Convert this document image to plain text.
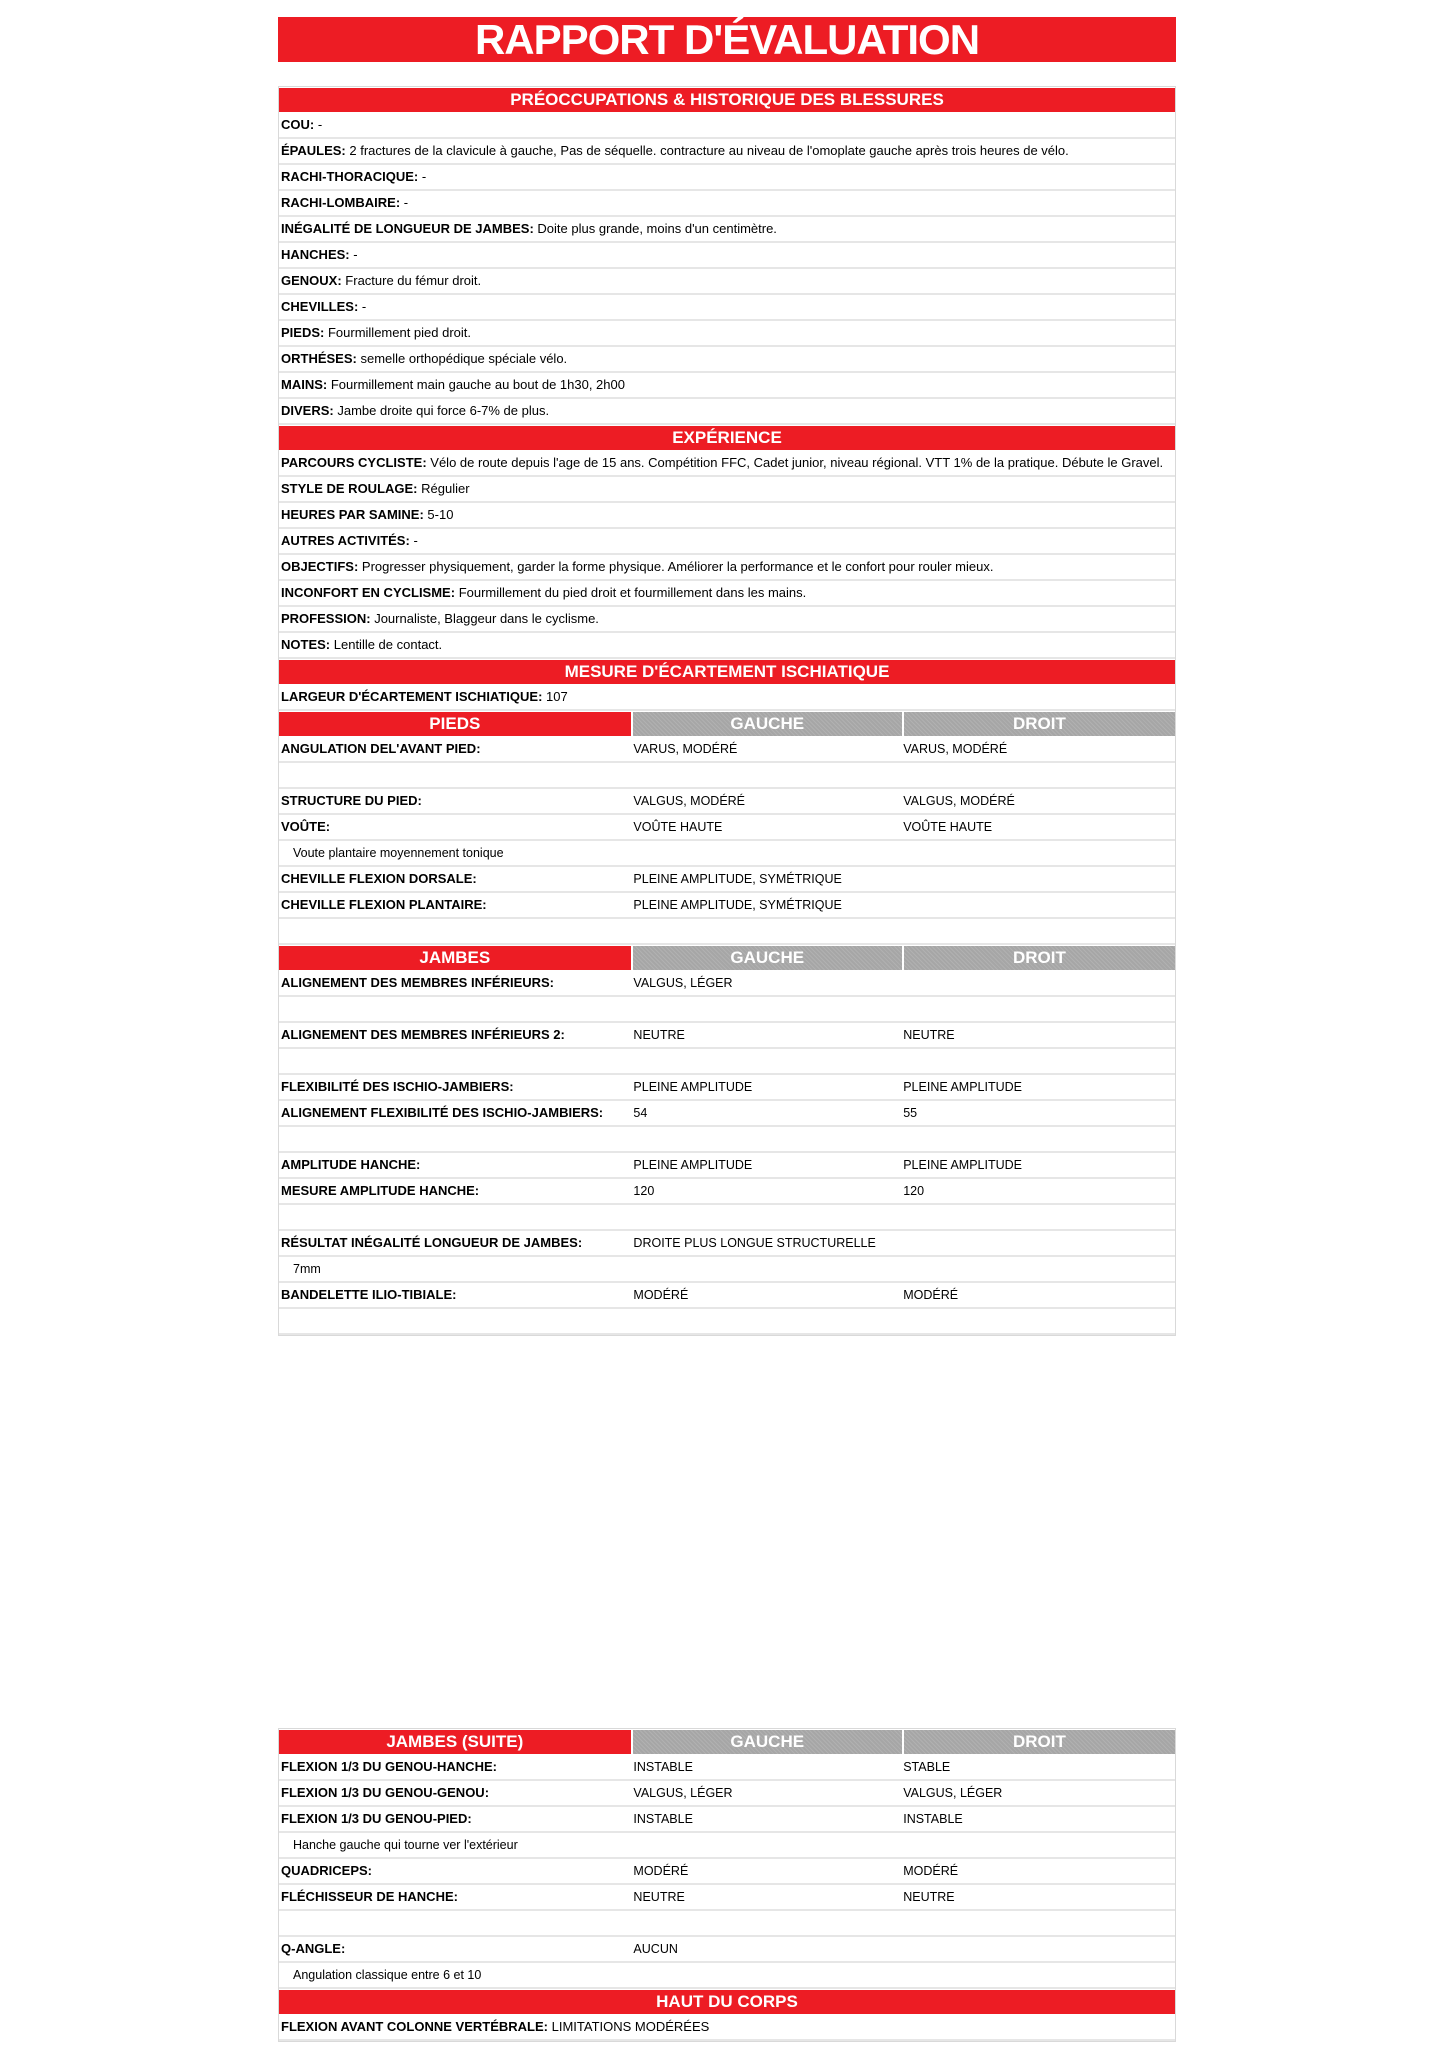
RAPPORT D'ÉVALUATION
PRÉOCCUPATIONS & HISTORIQUE DES BLESSURES
COU: -
ÉPAULES: 2 fractures de la clavicule à gauche, Pas de séquelle. contracture au niveau de l'omoplate gauche après trois heures de vélo.
RACHI-THORACIQUE: -
RACHI-LOMBAIRE: -
INÉGALITÉ DE LONGUEUR DE JAMBES: Doite plus grande, moins d'un centimètre.
HANCHES: -
GENOUX: Fracture du fémur droit.
CHEVILLES: -
PIEDS: Fourmillement pied droit.
ORTHÉSES: semelle orthopédique spéciale vélo.
MAINS: Fourmillement main gauche au bout de 1h30, 2h00
DIVERS: Jambe droite qui force 6-7% de plus.
EXPÉRIENCE
PARCOURS CYCLISTE: Vélo de route depuis l'age de 15 ans. Compétition FFC, Cadet junior, niveau régional. VTT 1% de la pratique. Débute le Gravel.
STYLE DE ROULAGE: Régulier
HEURES PAR SAMINE: 5-10
AUTRES ACTIVITÉS: -
OBJECTIFS: Progresser physiquement, garder la forme physique. Améliorer la performance et le confort pour rouler mieux.
INCONFORT EN CYCLISME: Fourmillement du pied droit et fourmillement dans les mains.
PROFESSION: Journaliste, Blaggeur dans le cyclisme.
NOTES: Lentille de contact.
MESURE D'ÉCARTEMENT ISCHIATIQUE
LARGEUR D'ÉCARTEMENT ISCHIATIQUE: 107
PIEDS	GAUCHE	DROIT
ANGULATION DEL'AVANT PIED:	VARUS, MODÉRÉ	VARUS, MODÉRÉ
STRUCTURE DU PIED:	VALGUS, MODÉRÉ	VALGUS, MODÉRÉ
VOÛTE:	VOÛTE HAUTE	VOÛTE HAUTE
Voute plantaire moyennement tonique
CHEVILLE FLEXION DORSALE:	PLEINE AMPLITUDE, SYMÉTRIQUE
CHEVILLE FLEXION PLANTAIRE:	PLEINE AMPLITUDE, SYMÉTRIQUE
JAMBES	GAUCHE	DROIT
ALIGNEMENT DES MEMBRES INFÉRIEURS:	VALGUS, LÉGER
ALIGNEMENT DES MEMBRES INFÉRIEURS 2:	NEUTRE	NEUTRE
FLEXIBILITÉ DES ISCHIO-JAMBIERS:	PLEINE AMPLITUDE	PLEINE AMPLITUDE
ALIGNEMENT FLEXIBILITÉ DES ISCHIO-JAMBIERS:	54	55
AMPLITUDE HANCHE:	PLEINE AMPLITUDE	PLEINE AMPLITUDE
MESURE AMPLITUDE HANCHE:	120	120
RÉSULTAT INÉGALITÉ LONGUEUR DE JAMBES:	DROITE PLUS LONGUE STRUCTURELLE
7mm
BANDELETTE ILIO-TIBIALE:	MODÉRÉ	MODÉRÉ
JAMBES (SUITE)	GAUCHE	DROIT
FLEXION 1/3 DU GENOU-HANCHE:	INSTABLE	STABLE
FLEXION 1/3 DU GENOU-GENOU:	VALGUS, LÉGER	VALGUS, LÉGER
FLEXION 1/3 DU GENOU-PIED:	INSTABLE	INSTABLE
Hanche gauche qui tourne ver l'extérieur
QUADRICEPS:	MODÉRÉ	MODÉRÉ
FLÉCHISSEUR DE HANCHE:	NEUTRE	NEUTRE
Q-ANGLE:	AUCUN
Angulation classique entre 6 et 10
HAUT DU CORPS
FLEXION AVANT COLONNE VERTÉBRALE: LIMITATIONS MODÉRÉES
